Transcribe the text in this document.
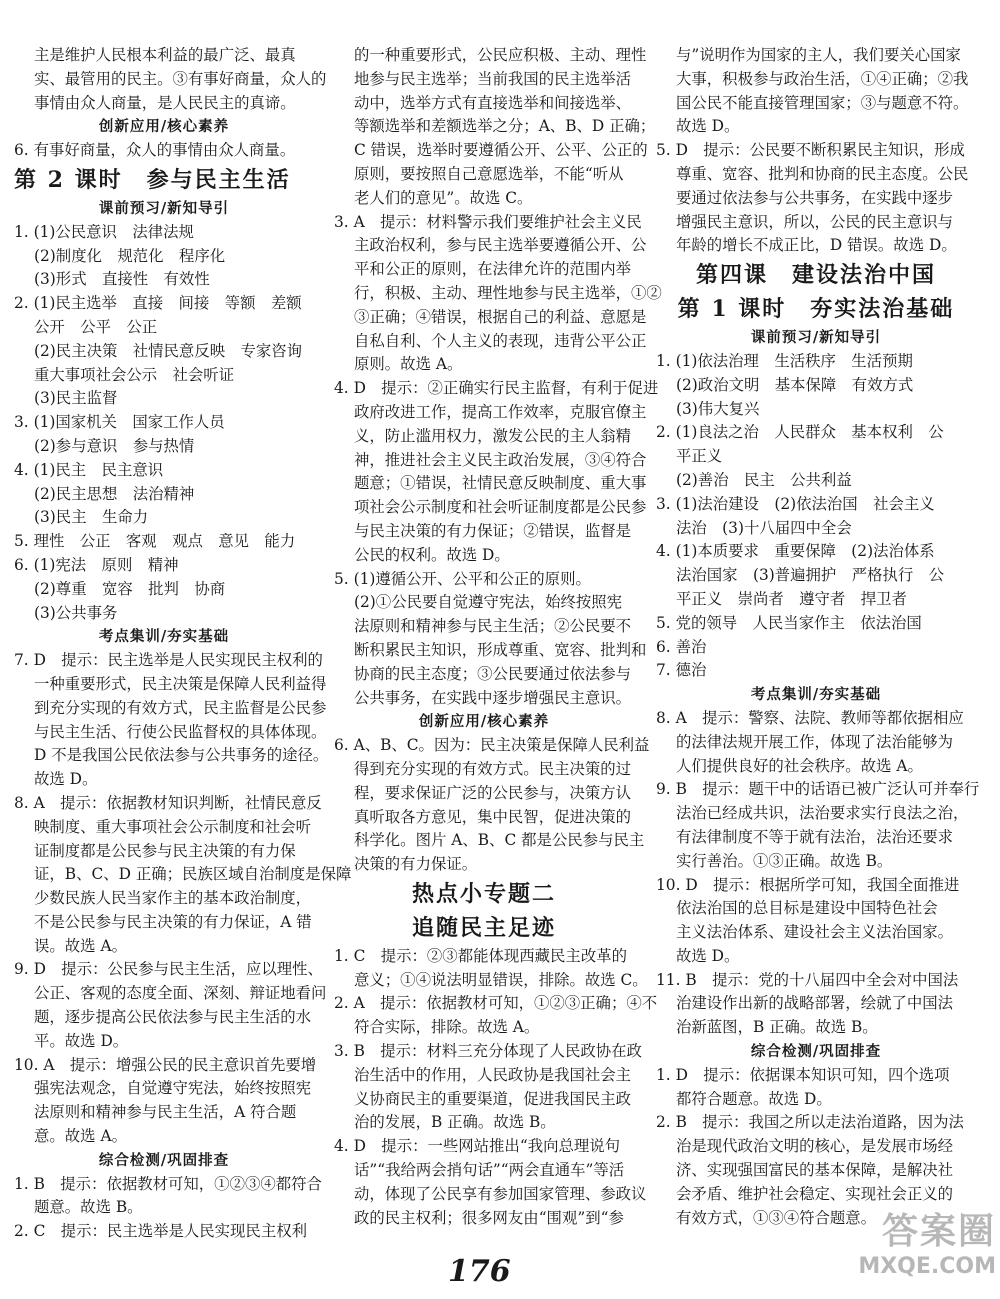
主是维护人民根本利益的最广泛、最真
实、最管用的民主。③有事好商量，众人的
事情由众人商量，是人民民主的真谛。
创新应用/核心素养
6. 有事好商量，众人的事情由众人商量。
第 2 课时　参与民主生活
课前预习/新知导引
1. (1)公民意识　法律法规
(2)制度化　规范化　程序化
(3)形式　直接性　有效性
2. (1)民主选举　直接　间接　等额　差额
公开　公平　公正
(2)民主决策　社情民意反映　专家咨询
重大事项社会公示　社会听证
(3)民主监督
3. (1)国家机关　国家工作人员
(2)参与意识　参与热情
4. (1)民主　民主意识
(2)民主思想　法治精神
(3)民主　生命力
5. 理性　公正　客观　观点　意见　能力
6. (1)宪法　原则　精神
(2)尊重　宽容　批判　协商
(3)公共事务
考点集训/夯实基础
7. D　提示：民主选举是人民实现民主权利的
一种重要形式，民主决策是保障人民利益得
到充分实现的有效方式，民主监督是公民参
与民主生活、行使公民监督权的具体体现。
D 不是我国公民依法参与公共事务的途径。
故选 D。
8. A　提示：依据教材知识判断，社情民意反
映制度、重大事项社会公示制度和社会听
证制度都是公民参与民主决策的有力保
证，B、C、D 正确；民族区域自治制度是保障
少数民族人民当家作主的基本政治制度，
不是公民参与民主决策的有力保证，A 错
误。故选 A。
9. D　提示：公民参与民主生活，应以理性、
公正、客观的态度全面、深刻、辩证地看问
题，逐步提高公民依法参与民主生活的水
平。故选 D。
10. A　提示：增强公民的民主意识首先要增
强宪法观念，自觉遵守宪法，始终按照宪
法原则和精神参与民主生活，A 符合题
意。故选 A。
综合检测/巩固排查
1. B　提示：依据教材可知，①②③④都符合
题意。故选 B。
2. C　提示：民主选举是人民实现民主权利
的一种重要形式，公民应积极、主动、理性
地参与民主选举；当前我国的民主选举活
动中，选举方式有直接选举和间接选举、
等额选举和差额选举之分；A、B、D 正确；
C 错误，选举时要遵循公开、公平、公正的
原则，要按照自己意愿选举，不能“听从
老人们的意见”。故选 C。
3. A　提示：材料警示我们要维护社会主义民
主政治权利，参与民主选举要遵循公开、公
平和公正的原则，在法律允许的范围内举
行，积极、主动、理性地参与民主选举，①②
③正确；④错误，根据自己的利益、意愿是
自私自利、个人主义的表现，违背公平公正
原则。故选 A。
4. D　提示：②正确实行民主监督，有利于促进
政府改进工作，提高工作效率，克服官僚主
义，防止滥用权力，激发公民的主人翁精
神，推进社会主义民主政治发展，③④符合
题意；①错误，社情民意反映制度、重大事
项社会公示制度和社会听证制度都是公民参
与民主决策的有力保证；②错误，监督是
公民的权利。故选 D。
5. (1)遵循公开、公平和公正的原则。
(2)①公民要自觉遵守宪法，始终按照宪
法原则和精神参与民主生活；②公民要不
断积累民主知识，形成尊重、宽容、批判和
协商的民主态度；③公民要通过依法参与
公共事务，在实践中逐步增强民主意识。
创新应用/核心素养
6. A、B、C。因为：民主决策是保障人民利益
得到充分实现的有效方式。民主决策的过
程，要求保证广泛的公民参与，决策方认
真听取各方意见，集中民智，促进决策的
科学化。图片 A、B、C 都是公民参与民主
决策的有力保证。
热点小专题二
追随民主足迹
1. C　提示：②③都能体现西藏民主改革的
意义；①④说法明显错误，排除。故选 C。
2. A　提示：依据教材可知，①②③正确；④不
符合实际，排除。故选 A。
3. B　提示：材料三充分体现了人民政协在政
治生活中的作用，人民政协是我国社会主
义协商民主的重要渠道，促进我国民主政
治的发展，B 正确。故选 B。
4. D　提示：一些网站推出“我向总理说句
话”“我给两会捎句话”“两会直通车”等活
动，体现了公民享有参加国家管理、参政议
政的民主权利；很多网友由“围观”到“参
与”说明作为国家的主人，我们要关心国家
大事，积极参与政治生活，①④正确；②我
国公民不能直接管理国家；③与题意不符。
故选 D。
5. D　提示：公民要不断积累民主知识，形成
尊重、宽容、批判和协商的民主态度。公民
要通过依法参与公共事务，在实践中逐步
增强民主意识，所以，公民的民主意识与
年龄的增长不成正比，D 错误。故选 D。
第四课　建设法治中国
第 1 课时　夯实法治基础
课前预习/新知导引
1. (1)依法治理　生活秩序　生活预期
(2)政治文明　基本保障　有效方式
(3)伟大复兴
2. (1)良法之治　人民群众　基本权利　公
平正义
(2)善治　民主　公共利益
3. (1)法治建设　(2)依法治国　社会主义
法治　(3)十八届四中全会
4. (1)本质要求　重要保障　(2)法治体系
法治国家　(3)普遍拥护　严格执行　公
平正义　崇尚者　遵守者　捍卫者
5. 党的领导　人民当家作主　依法治国
6. 善治
7. 德治
考点集训/夯实基础
8. A　提示：警察、法院、教师等都依据相应
的法律法规开展工作，体现了法治能够为
人们提供良好的社会秩序。故选 A。
9. B　提示：题干中的话语已被广泛认可并奉行
法治已经成共识，法治要求实行良法之治，
有法律制度不等于就有法治，法治还要求
实行善治。①③正确。故选 B。
10. D　提示：根据所学可知，我国全面推进
依法治国的总目标是建设中国特色社会
主义法治体系、建设社会主义法治国家。
故选 D。
11. B　提示：党的十八届四中全会对中国法
治建设作出新的战略部署，绘就了中国法
治新蓝图，B 正确。故选 B。
综合检测/巩固排查
1. D　提示：依据课本知识可知，四个选项
都符合题意。故选 D。
2. B　提示：我国之所以走法治道路，因为法
治是现代政治文明的核心，是发展市场经
济、实现强国富民的基本保障，是解决社
会矛盾、维护社会稳定、实现社会正义的
有效方式，①③④符合题意。
176
答案圈
MXQE.COM
